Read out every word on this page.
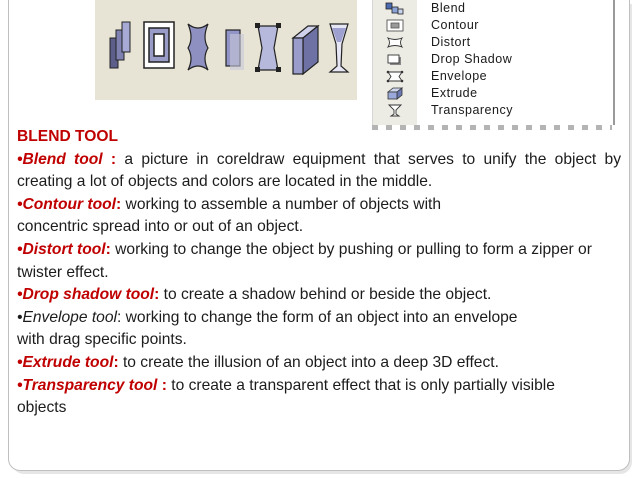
Blend
Contour
Distort
Drop Shadow
Envelope
Extrude
Transparency

BLEND TOOL

•Blend tool : a picture in coreldraw equipment that serves to unify the object by creating a lot of objects and colors are located in the middle.

•Contour tool: working to assemble a number of objects with concentric spread into or out of an object.

•Distort tool: working to change the object by pushing or pulling to form a zipper or twister effect.

•Drop shadow tool: to create a shadow behind or beside the object.

•Envelope tool: working to change the form of an object into an envelope with drag specific points.

•Extrude tool: to create the illusion of an object into a deep 3D effect.

•Transparency tool : to create a transparent effect that is only partially visible objects
